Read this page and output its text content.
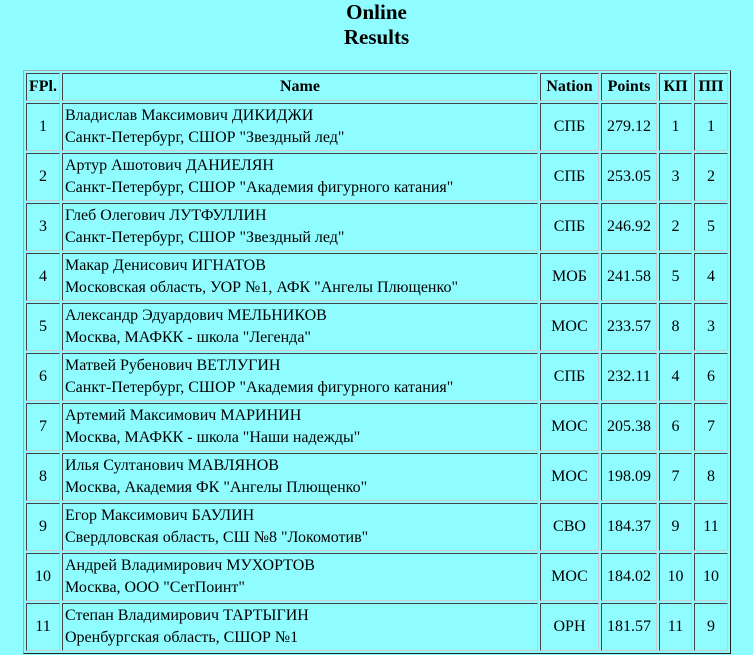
Online
Results
FPl.	Name	Nation	Points	КП	ПП
1	Владислав Максимович ДИКИДЖИ
Санкт-Петербург, СШОР "Звездный лед"	СПБ	279.12	1	1
2	Артур Ашотович ДАНИЕЛЯН
Санкт-Петербург, СШОР "Академия фигурного катания"	СПБ	253.05	3	2
3	Глеб Олегович ЛУТФУЛЛИН
Санкт-Петербург, СШОР "Звездный лед"	СПБ	246.92	2	5
4	Макар Денисович ИГНАТОВ
Московская область, УОР №1, АФК "Ангелы Плющенко"	МОБ	241.58	5	4
5	Александр Эдуардович МЕЛЬНИКОВ
Москва, МАФКК - школа "Легенда"	МОС	233.57	8	3
6	Матвей Рубенович ВЕТЛУГИН
Санкт-Петербург, СШОР "Академия фигурного катания"	СПБ	232.11	4	6
7	Артемий Максимович МАРИНИН
Москва, МАФКК - школа "Наши надежды"	МОС	205.38	6	7
8	Илья Султанович МАВЛЯНОВ
Москва, Академия ФК "Ангелы Плющенко"	МОС	198.09	7	8
9	Егор Максимович БАУЛИН
Свердловская область, СШ №8 "Локомотив"	СВО	184.37	9	11
10	Андрей Владимирович МУХОРТОВ
Москва, ООО "СетПоинт"	МОС	184.02	10	10
11	Степан Владимирович ТАРТЫГИН
Оренбургская область, СШОР №1	ОРН	181.57	11	9
